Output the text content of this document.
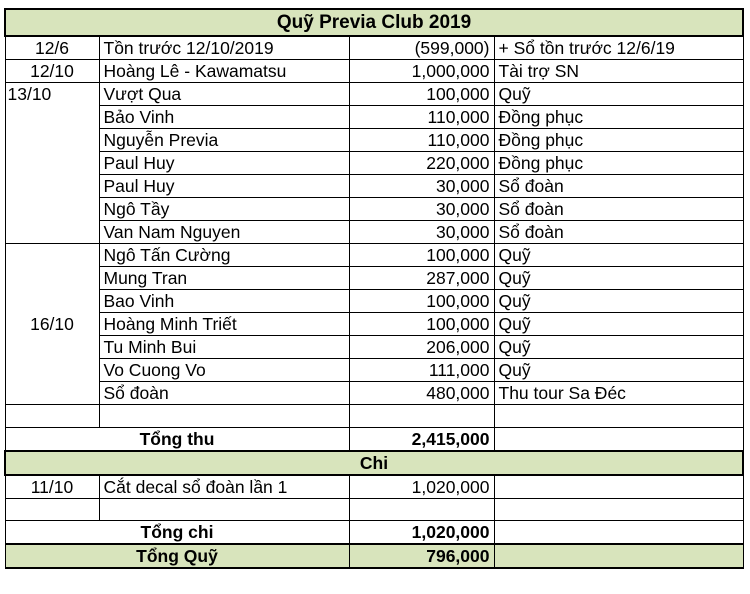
Quỹ Previa Club 2019			
12/6	Tồn trước 12/10/2019	(599,000)	+ Sổ tồn trước 12/6/19
12/10	Hoàng Lê - Kawamatsu	1,000,000	Tài trợ SN
13/10	Vượt Qua	100,000	Quỹ
	Bảo Vinh	110,000	Đồng phục
	Nguyễn Previa	110,000	Đồng phục
	Paul Huy	220,000	Đồng phục
	Paul Huy	30,000	Sổ đoàn
	Ngô Tầy	30,000	Sổ đoàn
	Van Nam Nguyen	30,000	Sổ đoàn
16/10	Ngô Tấn Cường	100,000	Quỹ
	Mung Tran	287,000	Quỹ
	Bao Vinh	100,000	Quỹ
	Hoàng Minh Triết	100,000	Quỹ
	Tu Minh Bui	206,000	Quỹ
	Vo Cuong Vo	111,000	Quỹ
	Sổ đoàn	480,000	Thu tour Sa Đéc

Tổng thu		2,415,000	
Chi			
11/10	Cắt decal sổ đoàn lần 1	1,020,000	

Tổng chi		1,020,000	
Tổng Quỹ		796,000	
